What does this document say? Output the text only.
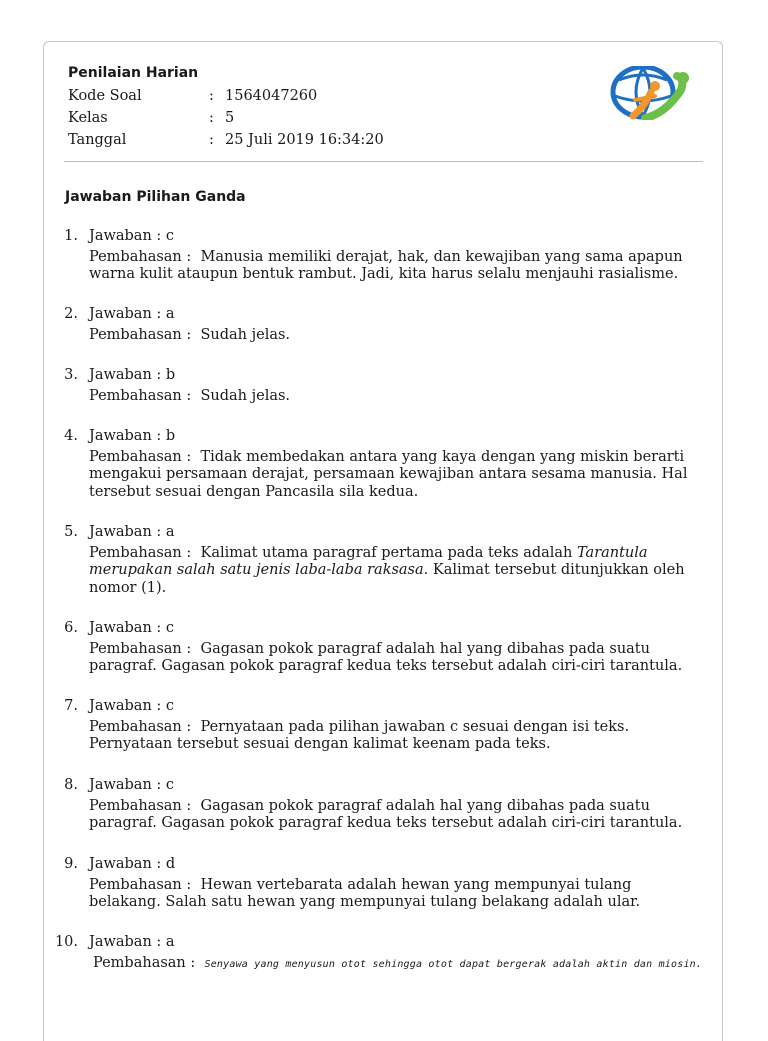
Penilaian Harian
Kode Soal	: 1564047260
Kelas	: 5
Tanggal	: 25 Juli 2019 16:34:20
Jawaban Pilihan Ganda
1. Jawaban : c
Pembahasan :  Manusia memiliki derajat, hak, dan kewajiban yang sama apapun warna kulit ataupun bentuk rambut. Jadi, kita harus selalu menjauhi rasialisme.
2. Jawaban : a
Pembahasan :  Sudah jelas.
3. Jawaban : b
Pembahasan :  Sudah jelas.
4. Jawaban : b
Pembahasan :  Tidak membedakan antara yang kaya dengan yang miskin berarti mengakui persamaan derajat, persamaan kewajiban antara sesama manusia. Hal tersebut sesuai dengan Pancasila sila kedua.
5. Jawaban : a
Pembahasan :  Kalimat utama paragraf pertama pada teks adalah Tarantula merupakan salah satu jenis laba-laba raksasa. Kalimat tersebut ditunjukkan oleh nomor (1).
6. Jawaban : c
Pembahasan :  Gagasan pokok paragraf adalah hal yang dibahas pada suatu paragraf. Gagasan pokok paragraf kedua teks tersebut adalah ciri-ciri tarantula.
7. Jawaban : c
Pembahasan :  Pernyataan pada pilihan jawaban c sesuai dengan isi teks. Pernyataan tersebut sesuai dengan kalimat keenam pada teks.
8. Jawaban : c
Pembahasan :  Gagasan pokok paragraf adalah hal yang dibahas pada suatu paragraf. Gagasan pokok paragraf kedua teks tersebut adalah ciri-ciri tarantula.
9. Jawaban : d
Pembahasan :  Hewan vertebarata adalah hewan yang mempunyai tulang belakang. Salah satu hewan yang mempunyai tulang belakang adalah ular.
10. Jawaban : a
Pembahasan :  Senyawa yang menyusun otot sehingga otot dapat bergerak adalah aktin dan miosin.
